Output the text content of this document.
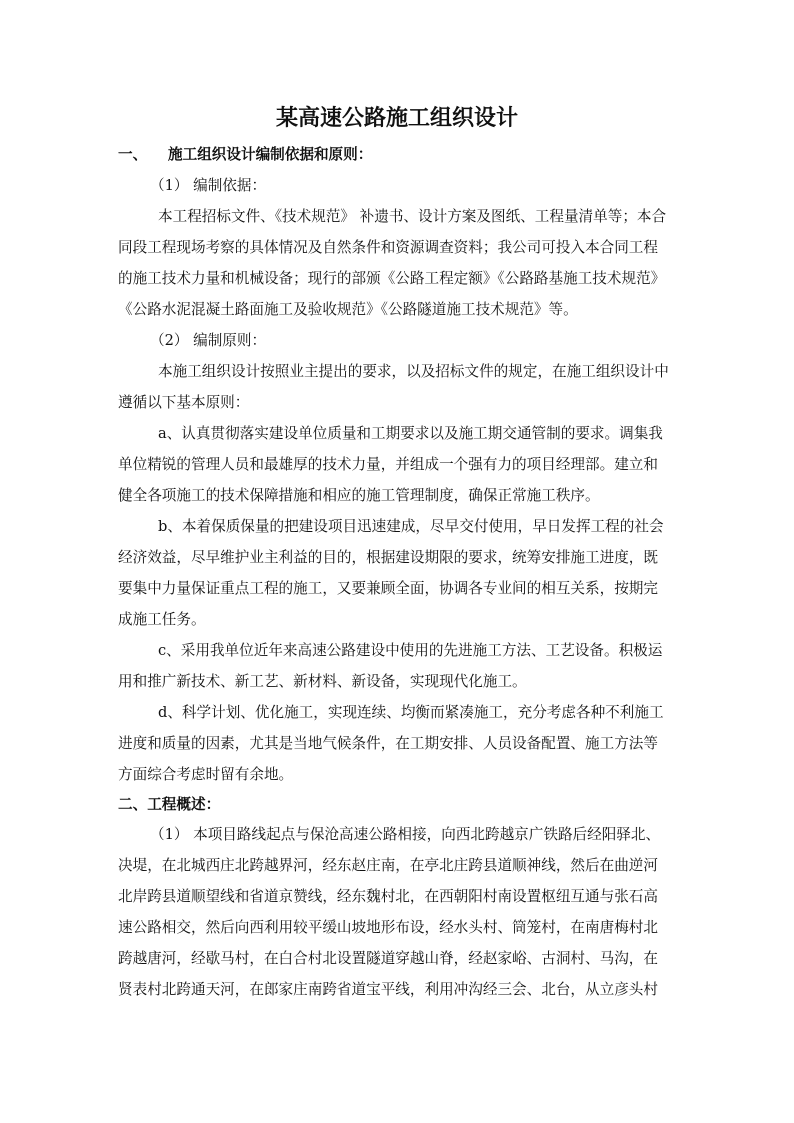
某高速公路施工组织设计
一、 施工组织设计编制依据和原则：
（1） 编制依据：
本工程招标文件、《技术规范》 补遗书、设计方案及图纸、工程量清单等；本合
同段工程现场考察的具体情况及自然条件和资源调查资料；我公司可投入本合同工程
的施工技术力量和机械设备；现行的部颁《公路工程定额》《公路路基施工技术规范》
《公路水泥混凝土路面施工及验收规范》《公路隧道施工技术规范》等。
（2） 编制原则：
本施工组织设计按照业主提出的要求，以及招标文件的规定，在施工组织设计中
遵循以下基本原则：
a、认真贯彻落实建设单位质量和工期要求以及施工期交通管制的要求。调集我
单位精锐的管理人员和最雄厚的技术力量，并组成一个强有力的项目经理部。建立和
健全各项施工的技术保障措施和相应的施工管理制度，确保正常施工秩序。
b、本着保质保量的把建设项目迅速建成，尽早交付使用，早日发挥工程的社会
经济效益，尽早维护业主利益的目的，根据建设期限的要求，统筹安排施工进度，既
要集中力量保证重点工程的施工，又要兼顾全面，协调各专业间的相互关系，按期完
成施工任务。
c、采用我单位近年来高速公路建设中使用的先进施工方法、工艺设备。积极运
用和推广新技术、新工艺、新材料、新设备，实现现代化施工。
d、科学计划、优化施工，实现连续、均衡而紧凑施工，充分考虑各种不利施工
进度和质量的因素，尤其是当地气候条件，在工期安排、人员设备配置、施工方法等
方面综合考虑时留有余地。
二、工程概述：
（1） 本项目路线起点与保沧高速公路相接，向西北跨越京广铁路后经阳驿北、
决堤，在北城西庄北跨越界河，经东赵庄南，在亭北庄跨县道顺神线，然后在曲逆河
北岸跨县道顺望线和省道京赞线，经东魏村北，在西朝阳村南设置枢纽互通与张石高
速公路相交，然后向西利用较平缓山坡地形布设，经水头村、筒笼村，在南唐梅村北
跨越唐河，经歇马村，在白合村北设置隧道穿越山脊，经赵家峪、古洞村、马沟，在
贤表村北跨通天河，在郎家庄南跨省道宝平线，利用冲沟经三会、北台，从立彦头村
